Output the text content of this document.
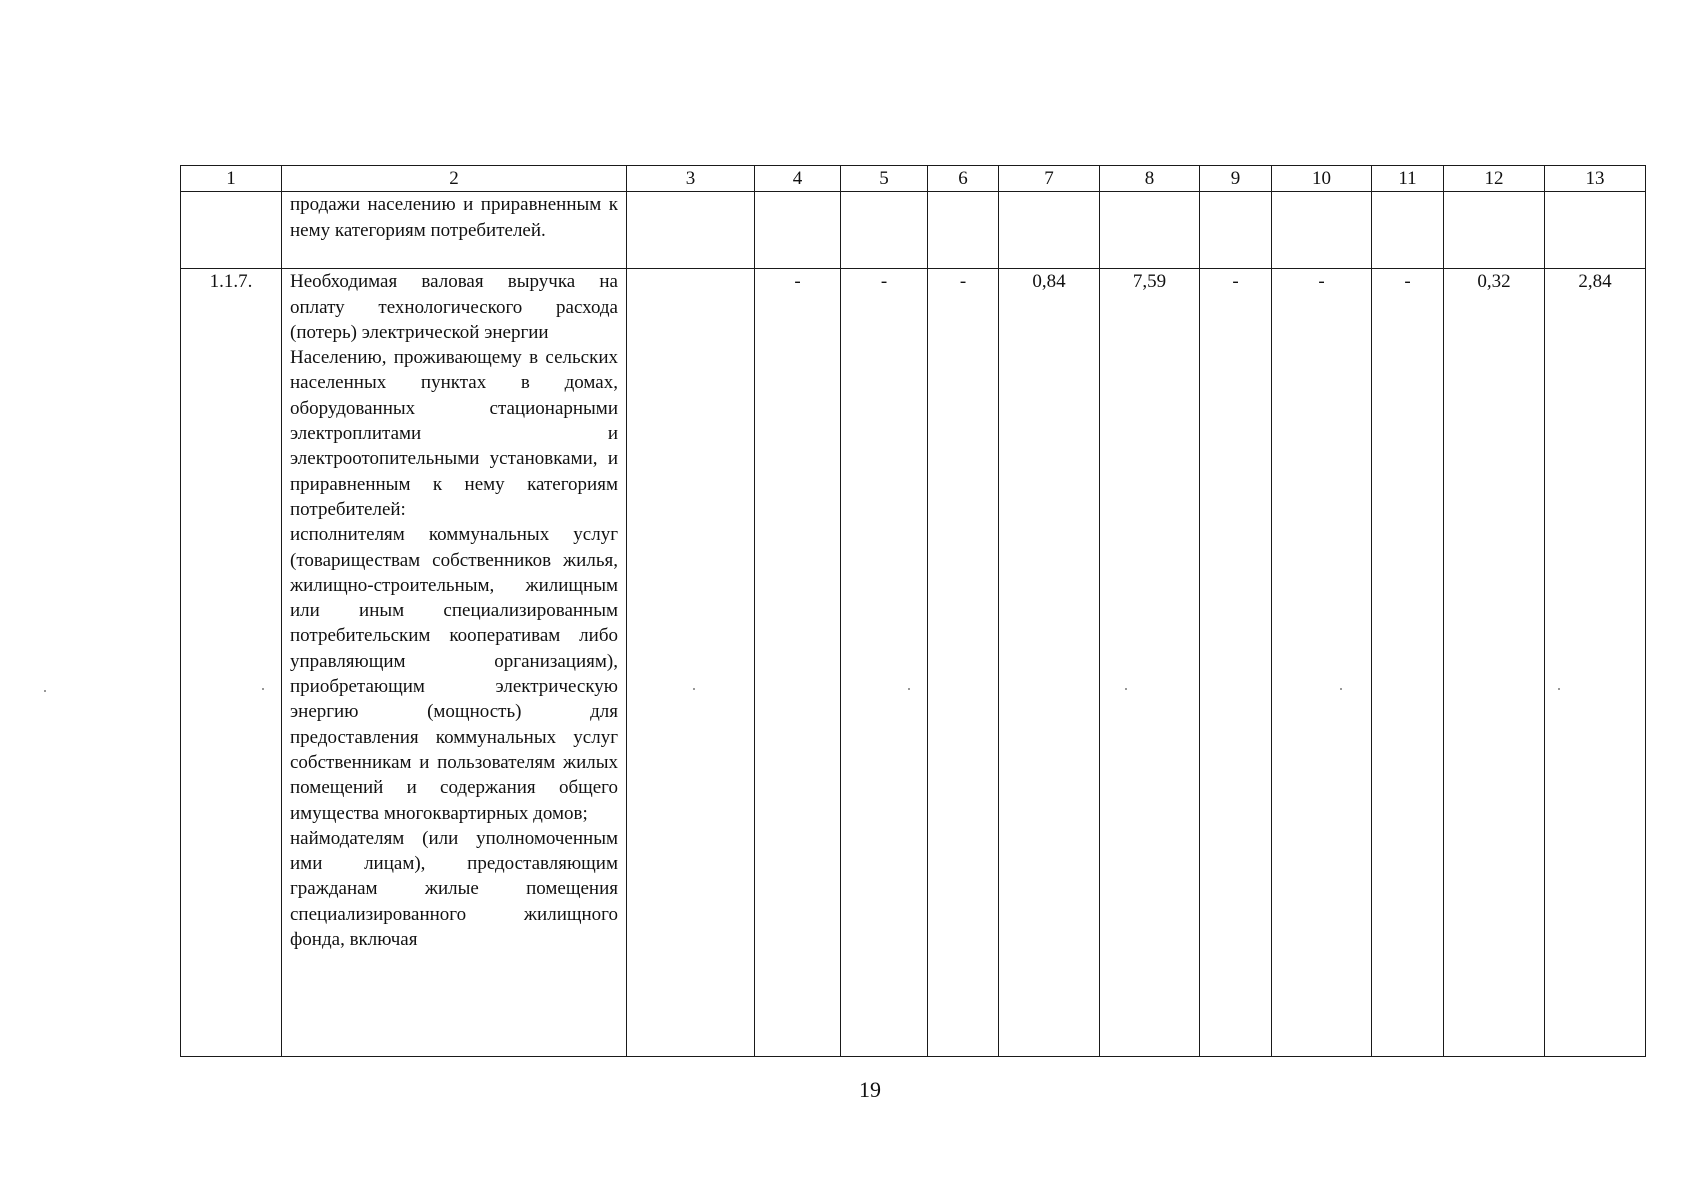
1	2	3	4	5	6	7	8	9	10	11	12	13

	продажи населению и приравненным к нему категориям потребителей.											

1.1.7.	Необходимая валовая выручка на оплату технологического расхода (потерь) электрической энергии
Населению, проживающему в сельских населенных пунктах в домах, оборудованных стационарными электроплитами и электроотопительными установками, и приравненным к нему категориям потребителей:
исполнителям коммунальных услуг (товариществам собственников жилья, жилищно-строительным, жилищным или иным специализированным потребительским кооперативам либо управляющим организациям), приобретающим электрическую энергию (мощность) для предоставления коммунальных услуг собственникам и пользователям жилых помещений и содержания общего имущества многоквартирных домов;
наймодателям (или уполномоченным ими лицам), предоставляющим гражданам жилые помещения специализированного жилищного фонда, включая		-	-	-	0,84	7,59	-	-	-	0,32	2,84
19
